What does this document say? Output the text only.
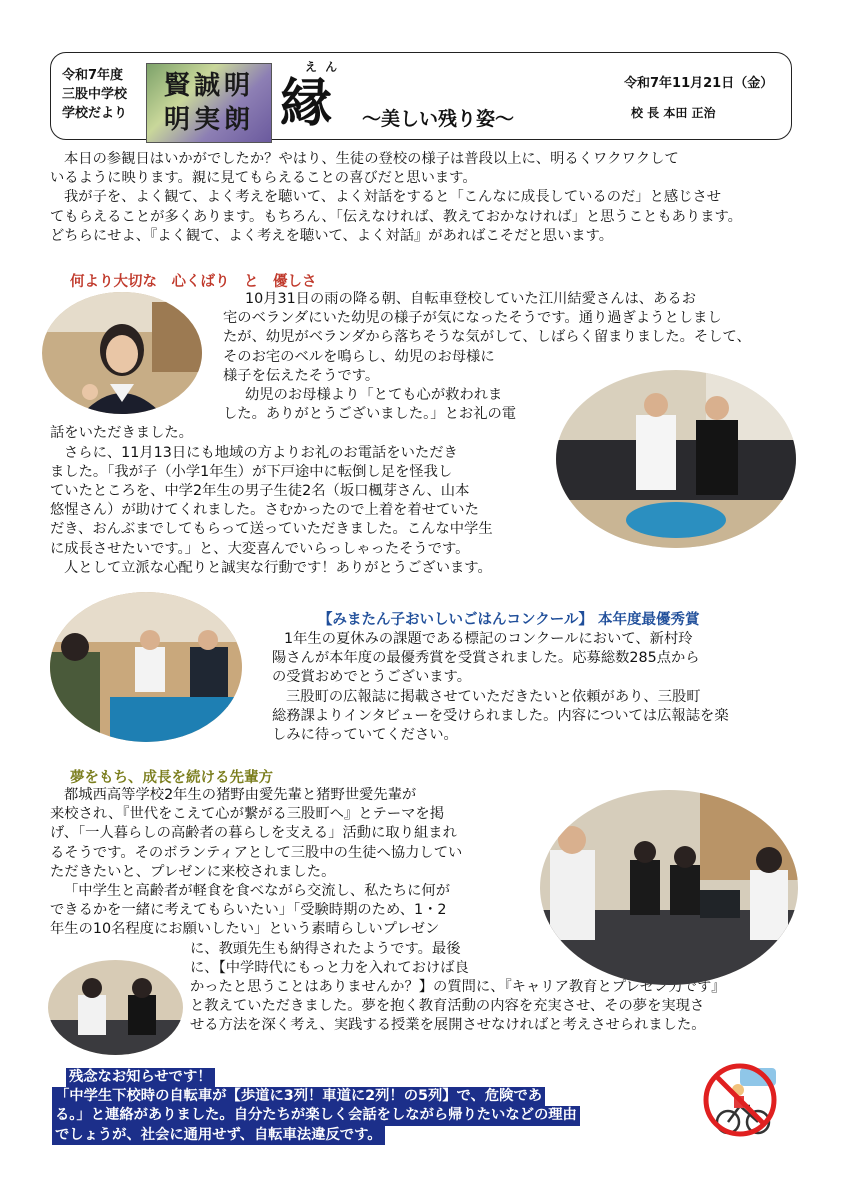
令和7年度
三股中学校
学校だより
賢誠明
明実朗
え ん
縁 〜美しい残り姿〜
令和7年11月21日（金）
校 長 本田 正治
本日の参観日はいかがでしたか？やはり、生徒の登校の様子は普段以上に、明るくワクワクして
いるように映ります。親に見てもらえることの喜びだと思います。
我が子を、よく観て、よく考えを聴いて、よく対話をすると「こんなに成長しているのだ」と感じさせ
てもらえることが多くあります。もちろん、「伝えなければ、教えておかなければ」と思うこともあります。
どちらにせよ、『よく観て、よく考えを聴いて、よく対話』があればこそだと思います。
何より大切な　心くばり　と　優しさ
10月31日の雨の降る朝、自転車登校していた江川結愛さんは、あるお
宅のベランダにいた幼児の様子が気になったそうです。通り過ぎようとしまし
たが、幼児がベランダから落ちそうな気がして、しばらく留まりました。そして、
そのお宅のベルを鳴らし、幼児のお母様に
様子を伝えたそうです。
幼児のお母様より「とても心が救われま
した。ありがとうございました。」とお礼の電
話をいただきました。
さらに、11月13日にも地域の方よりお礼のお電話をいただき
ました。「我が子（小学1年生）が下戸途中に転倒し足を怪我し
ていたところを、中学2年生の男子生徒2名（坂口楓芽さん、山本
悠惺さん）が助けてくれました。さむかったので上着を着せていた
だき、おんぶまでしてもらって送っていただきました。こんな中学生
に成長させたいです。」と、大変喜んでいらっしゃったそうです。
人として立派な心配りと誠実な行動です！ありがとうございます。
【みまたん子おいしいごはんコンクール】 本年度最優秀賞
1年生の夏休みの課題である標記のコンクールにおいて、新村玲
陽さんが本年度の最優秀賞を受賞されました。応募総数285点から
の受賞おめでとうございます。
三股町の広報誌に掲載させていただきたいと依頼があり、三股町
総務課よりインタビューを受けられました。内容については広報誌を楽
しみに待っていてください。
夢をもち、成長を続ける先輩方
都城西高等学校2年生の猪野由愛先輩と猪野世愛先輩が
来校され、『世代をこえて心が繋がる三股町へ』とテーマを掲
げ、「一人暮らしの高齢者の暮らしを支える」活動に取り組まれ
るそうです。そのボランティアとして三股中の生徒へ協力してい
ただきたいと、プレゼンに来校されました。
「中学生と高齢者が軽食を食べながら交流し、私たちに何が
できるかを一緒に考えてもらいたい」「受験時期のため、1・2
年生の10名程度にお願いしたい」という素晴らしいプレゼン
に、教頭先生も納得されたようです。最後
に、【中学時代にもっと力を入れておけば良
かったと思うことはありませんか？】の質問に、『キャリア教育とプレゼン力です』
と教えていただきました。夢を抱く教育活動の内容を充実させ、その夢を実現さ
せる方法を深く考え、実践する授業を展開させなければと考えさせられました。
残念なお知らせです！
「中学生下校時の自転車が【歩道に3列！車道に2列！の5列】で、危険であ
る。」と連絡がありました。自分たちが楽しく会話をしながら帰りたいなどの理由
でしょうが、社会に通用せず、自転車法違反です。
